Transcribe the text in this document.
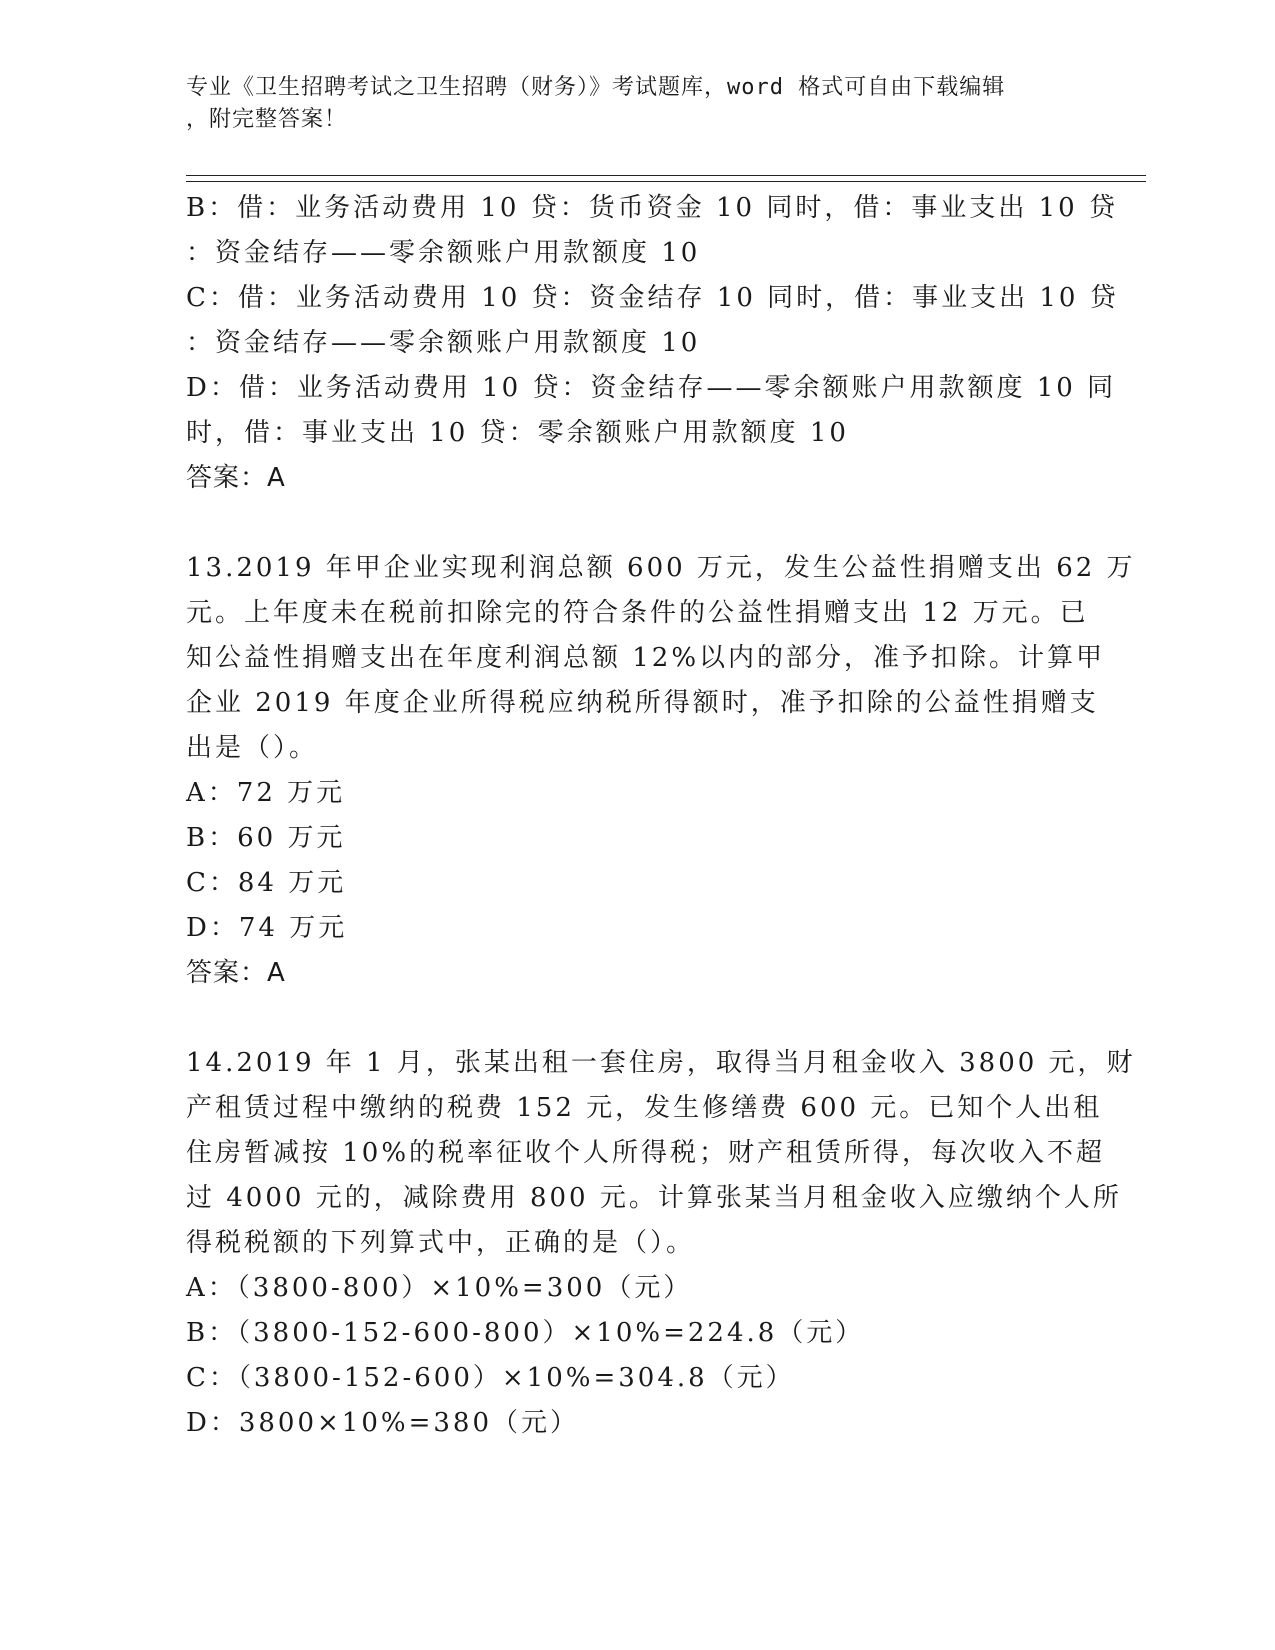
专业《卫生招聘考试之卫生招聘（财务）》考试题库，word 格式可自由下载编辑
，附完整答案！
B：借：业务活动费用 10 贷：货币资金 10 同时，借：事业支出 10 贷
：资金结存——零余额账户用款额度 10
C：借：业务活动费用 10 贷：资金结存 10 同时，借：事业支出 10 贷
：资金结存——零余额账户用款额度 10
D：借：业务活动费用 10 贷：资金结存——零余额账户用款额度 10 同
时，借：事业支出 10 贷：零余额账户用款额度 10
答案：A
13.2019 年甲企业实现利润总额 600 万元，发生公益性捐赠支出 62 万
元。上年度未在税前扣除完的符合条件的公益性捐赠支出 12 万元。已
知公益性捐赠支出在年度利润总额 12%以内的部分，准予扣除。计算甲
企业 2019 年度企业所得税应纳税所得额时，准予扣除的公益性捐赠支
出是（）。
A：72 万元
B：60 万元
C：84 万元
D：74 万元
答案：A
14.2019 年 1 月，张某出租一套住房，取得当月租金收入 3800 元，财
产租赁过程中缴纳的税费 152 元，发生修缮费 600 元。已知个人出租
住房暂减按 10%的税率征收个人所得税；财产租赁所得，每次收入不超
过 4000 元的，减除费用 800 元。计算张某当月租金收入应缴纳个人所
得税税额的下列算式中，正确的是（）。
A：（3800-800）×10%=300（元）
B：（3800-152-600-800）×10%=224.8（元）
C：（3800-152-600）×10%=304.8（元）
D：3800×10%=380（元）
